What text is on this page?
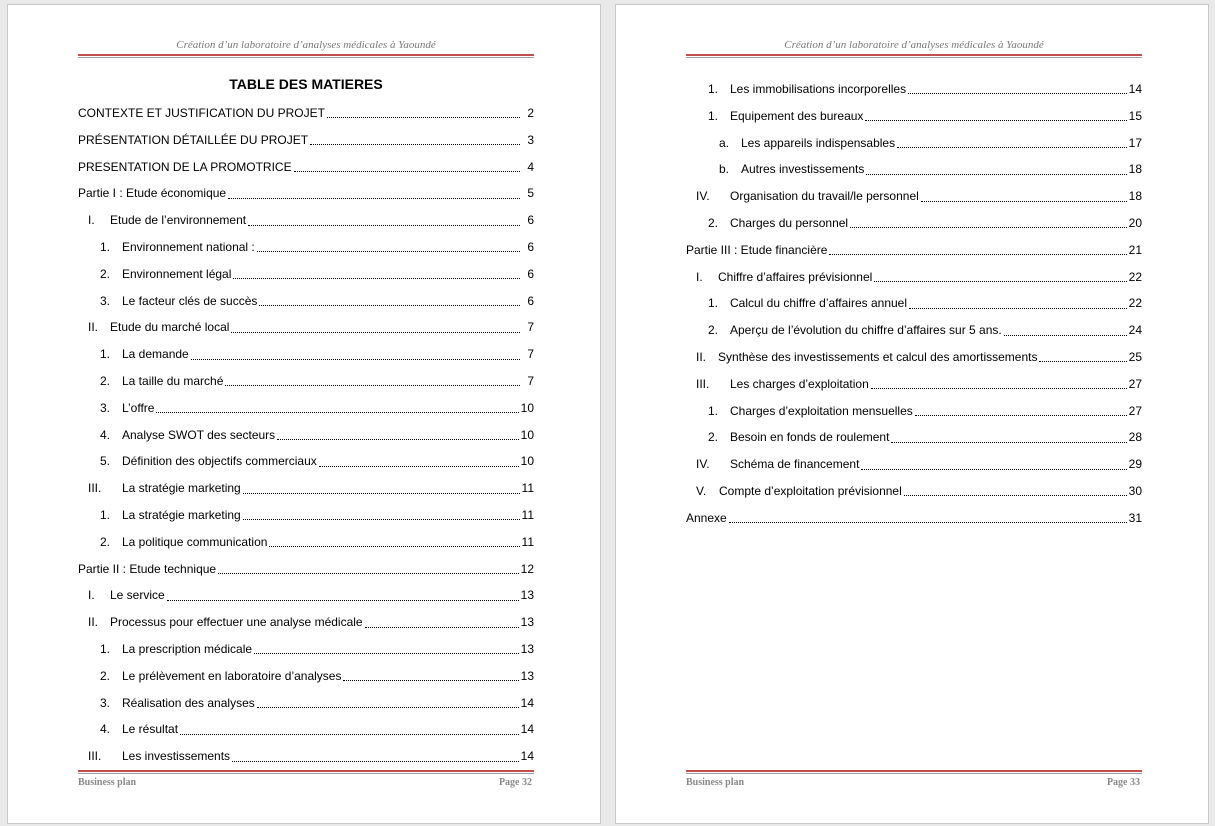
Création d’un laboratoire d’analyses médicales à Yaoundé
TABLE DES MATIERES
CONTEXTE ET JUSTIFICATION DU PROJET	2
PRÉSENTATION DÉTAILLÉE DU PROJET	3
PRESENTATION DE LA PROMOTRICE	4
Partie I : Etude économique	5
I.	Etude de l’environnement	6
1. Environnement national :	6
2. Environnement légal	6
3. Le facteur clés de succès	6
II. Etude du marché local	7
1. La demande	7
2. La taille du marché	7
3. L’offre	10
4. Analyse SWOT des secteurs	10
5. Définition des objectifs commerciaux	10
III.	La stratégie marketing	11
1. La stratégie marketing	11
2. La politique communication	11
Partie II : Etude technique	12
I.	Le service	13
II. Processus pour effectuer une analyse médicale	13
1. La prescription médicale	13
2. Le prélèvement en laboratoire d’analyses	13
3. Réalisation des analyses	14
4. Le résultat	14
III.	Les investissements	14
Business plan	Page 32
Création d’un laboratoire d’analyses médicales à Yaoundé
1. Les immobilisations incorporelles	14
1. Equipement des bureaux	15
a. Les appareils indispensables	17
b. Autres investissements	18
IV.	Organisation du travail/le personnel	18
2. Charges du personnel	20
Partie III : Etude financière	21
I.	Chiffre d’affaires prévisionnel	22
1. Calcul du chiffre d’affaires annuel	22
2. Aperçu de l’évolution du chiffre d’affaires sur 5 ans.	24
II. Synthèse des investissements et calcul des amortissements	25
III.	Les charges d’exploitation	27
1. Charges d’exploitation mensuelles	27
2. Besoin en fonds de roulement	28
IV.	Schéma de financement	29
V.	Compte d’exploitation prévisionnel	30
Annexe	31
Business plan	Page 33
